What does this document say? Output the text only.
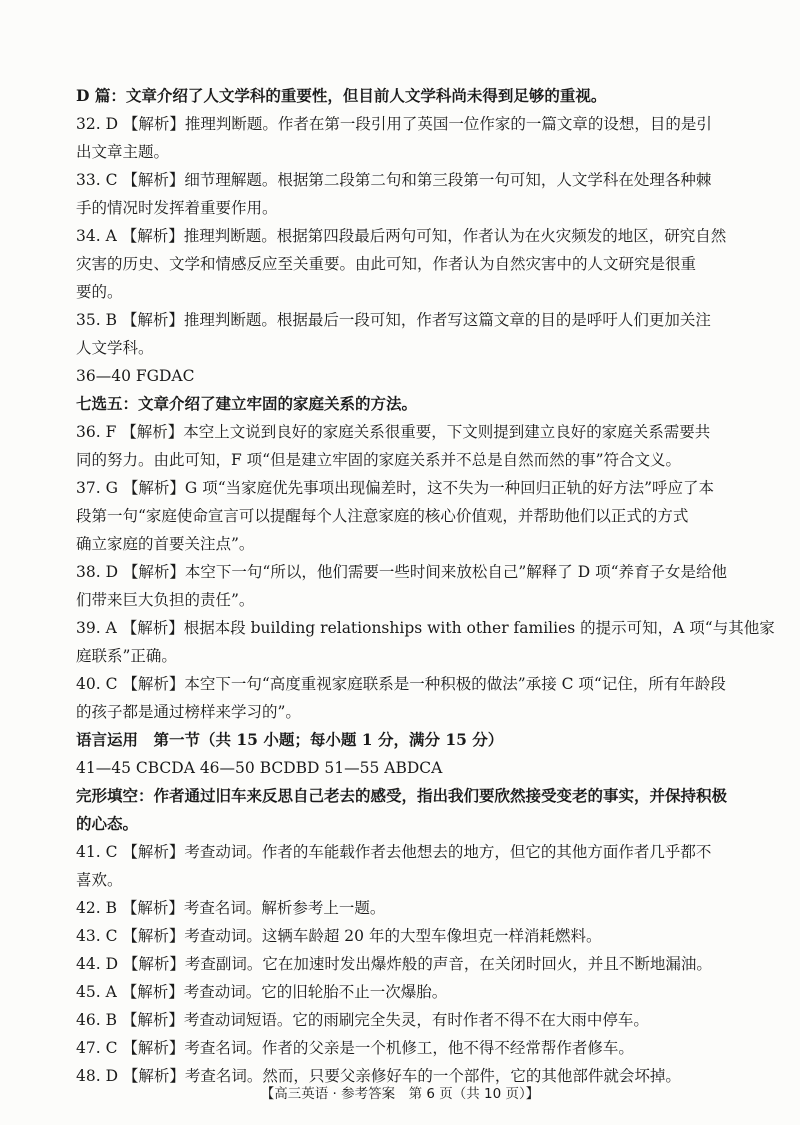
D 篇：文章介绍了人文学科的重要性，但目前人文学科尚未得到足够的重视。
32. D 【解析】推理判断题。作者在第一段引用了英国一位作家的一篇文章的设想，目的是引
出文章主题。
33. C 【解析】细节理解题。根据第二段第二句和第三段第一句可知，人文学科在处理各种棘
手的情况时发挥着重要作用。
34. A 【解析】推理判断题。根据第四段最后两句可知，作者认为在火灾频发的地区，研究自然
灾害的历史、文学和情感反应至关重要。由此可知，作者认为自然灾害中的人文研究是很重
要的。
35. B 【解析】推理判断题。根据最后一段可知，作者写这篇文章的目的是呼吁人们更加关注
人文学科。
36—40 FGDAC
七选五：文章介绍了建立牢固的家庭关系的方法。
36. F 【解析】本空上文说到良好的家庭关系很重要，下文则提到建立良好的家庭关系需要共
同的努力。由此可知，F 项“但是建立牢固的家庭关系并不总是自然而然的事”符合文义。
37. G 【解析】G 项“当家庭优先事项出现偏差时，这不失为一种回归正轨的好方法”呼应了本
段第一句“家庭使命宣言可以提醒每个人注意家庭的核心价值观，并帮助他们以正式的方式
确立家庭的首要关注点”。
38. D 【解析】本空下一句“所以，他们需要一些时间来放松自己”解释了 D 项“养育子女是给他
们带来巨大负担的责任”。
39. A 【解析】根据本段 building relationships with other families 的提示可知，A 项“与其他家
庭联系”正确。
40. C 【解析】本空下一句“高度重视家庭联系是一种积极的做法”承接 C 项“记住，所有年龄段
的孩子都是通过榜样来学习的”。
语言运用　第一节（共 15 小题；每小题 1 分，满分 15 分）
41—45 CBCDA 46—50 BCDBD 51—55 ABDCA
完形填空：作者通过旧车来反思自己老去的感受，指出我们要欣然接受变老的事实，并保持积极
的心态。
41. C 【解析】考查动词。作者的车能载作者去他想去的地方，但它的其他方面作者几乎都不
喜欢。
42. B 【解析】考查名词。解析参考上一题。
43. C 【解析】考查动词。这辆车龄超 20 年的大型车像坦克一样消耗燃料。
44. D 【解析】考查副词。它在加速时发出爆炸般的声音，在关闭时回火，并且不断地漏油。
45. A 【解析】考查动词。它的旧轮胎不止一次爆胎。
46. B 【解析】考查动词短语。它的雨刷完全失灵，有时作者不得不在大雨中停车。
47. C 【解析】考查名词。作者的父亲是一个机修工，他不得不经常帮作者修车。
48. D 【解析】考查名词。然而，只要父亲修好车的一个部件，它的其他部件就会坏掉。
【高三英语 · 参考答案　第 6 页（共 10 页）】
